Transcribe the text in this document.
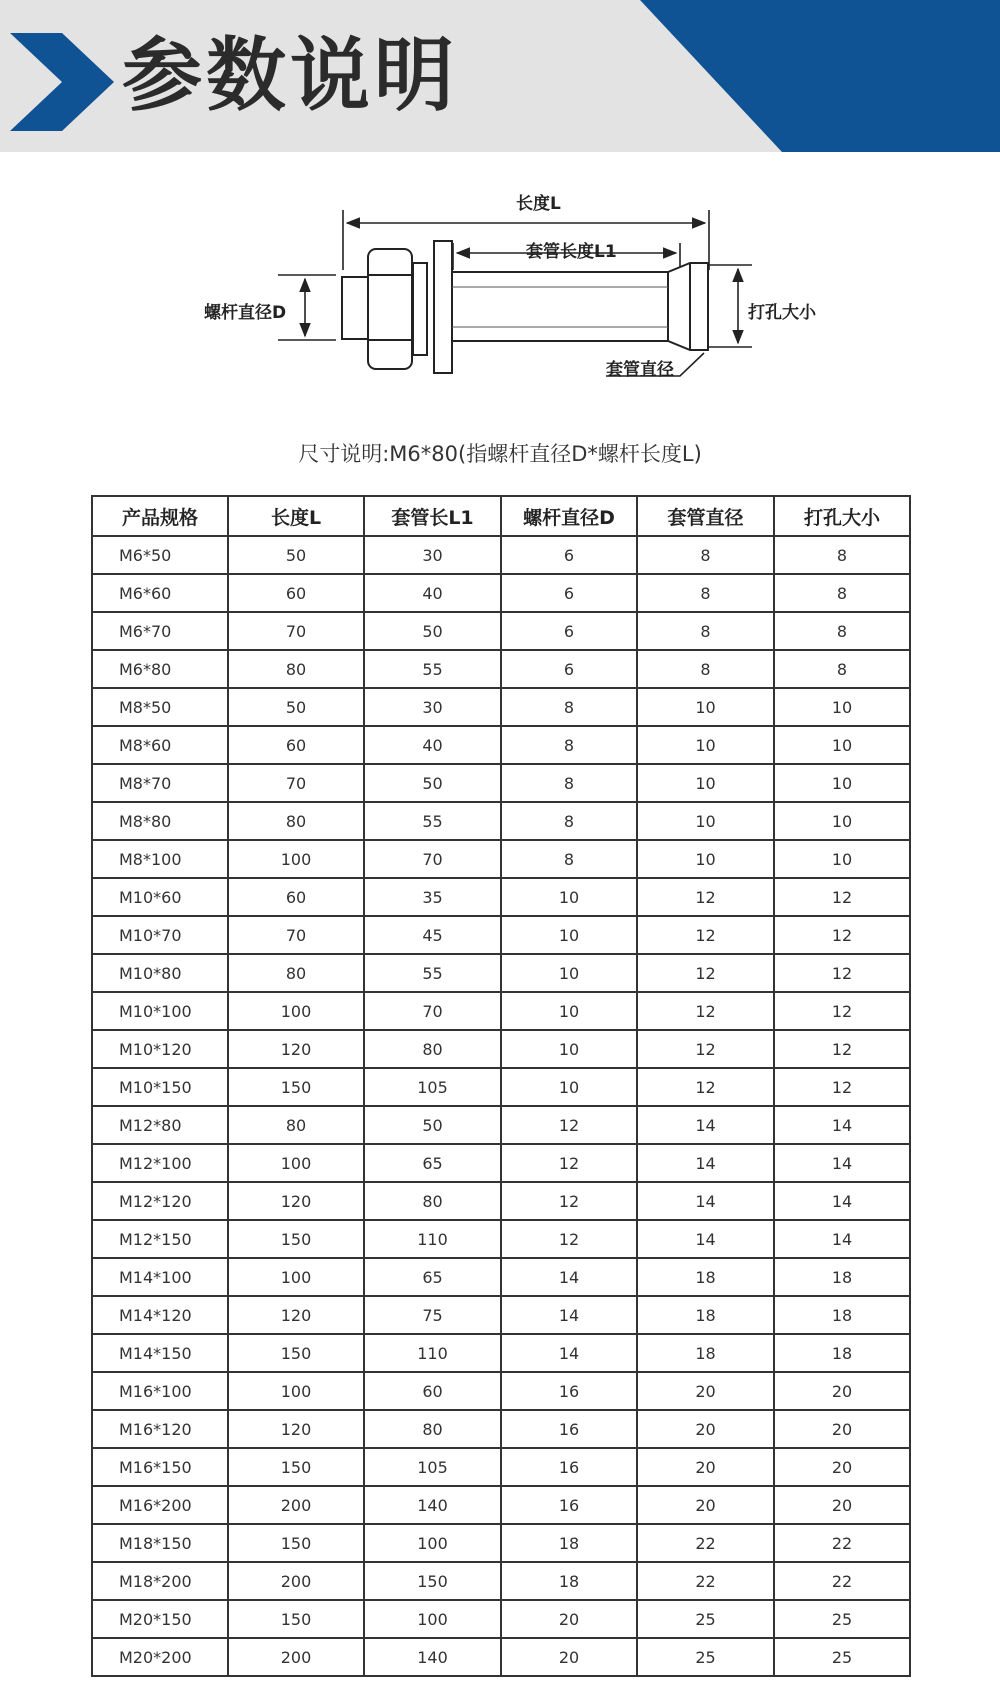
参数说明
长度L
套管长度L1
螺杆直径D	打孔大小
套管直径
尺寸说明:M6*80(指螺杆直径D*螺杆长度L)
产品规格	长度L	套管长L1	螺杆直径D	套管直径	打孔大小
M6*50	50	30	6	8	8
M6*60	60	40	6	8	8
M6*70	70	50	6	8	8
M6*80	80	55	6	8	8
M8*50	50	30	8	10	10
M8*60	60	40	8	10	10
M8*70	70	50	8	10	10
M8*80	80	55	8	10	10
M8*100	100	70	8	10	10
M10*60	60	35	10	12	12
M10*70	70	45	10	12	12
M10*80	80	55	10	12	12
M10*100	100	70	10	12	12
M10*120	120	80	10	12	12
M10*150	150	105	10	12	12
M12*80	80	50	12	14	14
M12*100	100	65	12	14	14
M12*120	120	80	12	14	14
M12*150	150	110	12	14	14
M14*100	100	65	14	18	18
M14*120	120	75	14	18	18
M14*150	150	110	14	18	18
M16*100	100	60	16	20	20
M16*120	120	80	16	20	20
M16*150	150	105	16	20	20
M16*200	200	140	16	20	20
M18*150	150	100	18	22	22
M18*200	200	150	18	22	22
M20*150	150	100	20	25	25
M20*200	200	140	20	25	25
